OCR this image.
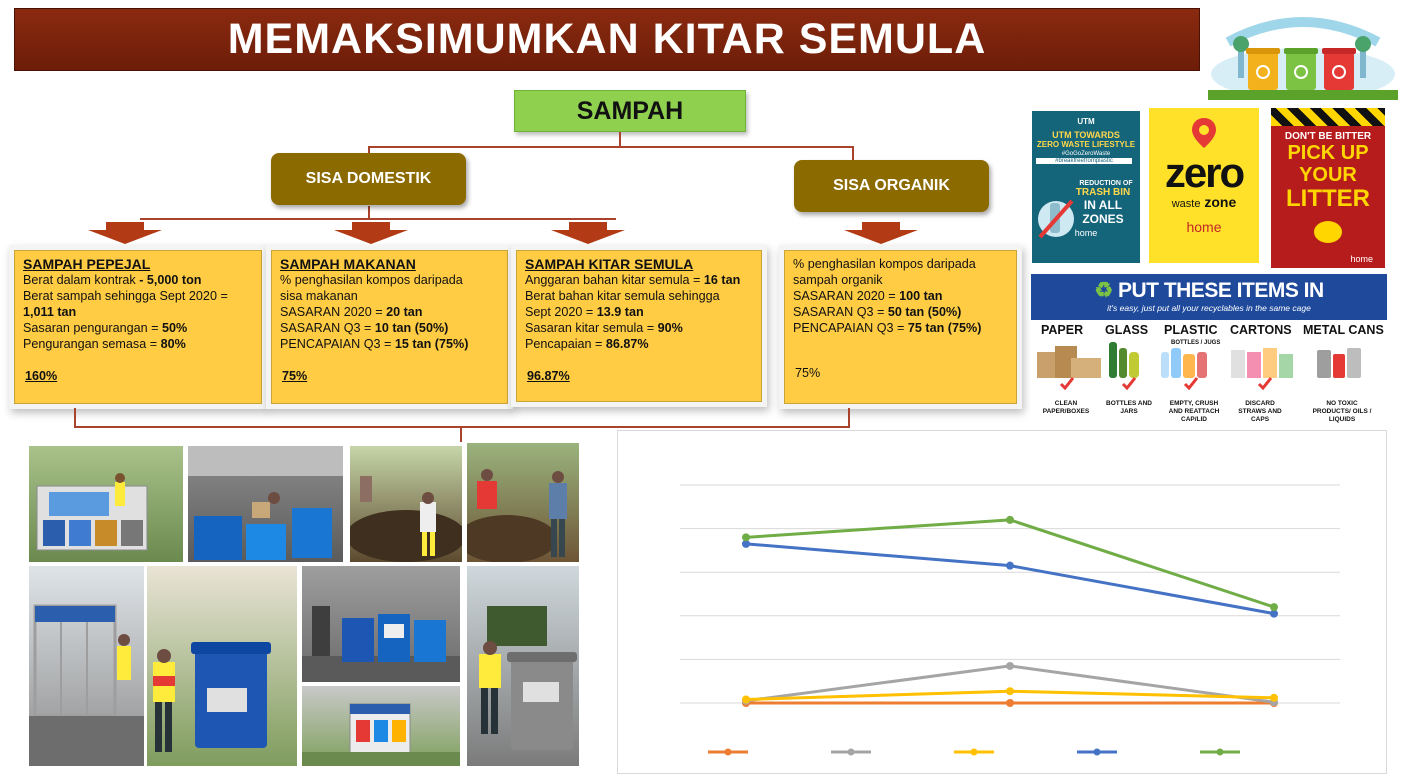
MEMAKSIMUMKAN KITAR SEMULA
SAMPAH
SISA DOMESTIK	SISA ORGANIK
SAMPAH PEPEJAL
Berat dalam kontrak - 5,000 ton
Berat sampah sehingga Sept 2020 =
1,011 tan
Sasaran pengurangan = 50%
Pengurangan semasa = 80%
160%
SAMPAH MAKANAN
% penghasilan kompos daripada
sisa makanan
SASARAN 2020 = 20 tan
SASARAN Q3 = 10 tan (50%)
PENCAPAIAN Q3 = 15 tan (75%)
75%
SAMPAH KITAR SEMULA
Anggaran bahan kitar semula = 16 tan
Berat bahan kitar semula sehingga
Sept 2020 = 13.9 tan
Sasaran kitar semula = 90%
Pencapaian = 86.87%
96.87%
% penghasilan kompos daripada
sampah organik
SASARAN 2020 = 100 tan
SASARAN Q3 = 50 tan (50%)
PENCAPAIAN Q3 = 75 tan (75%)
75%
UTM
UTM TOWARDS
ZERO WASTE LIFESTYLE
#GoGoZeroWaste
#breakfreefromplastic
REDUCTION OF
TRASH BIN
IN ALL
ZONES
home
zero
waste zone
home
DON'T BE BITTER
PICK UP
YOUR
LITTER
home
♻ PUT THESE ITEMS IN
it's easy, just put all your recyclables in the same cage
PAPER GLASS PLASTIC CARTONS METAL CANS
BOTTLES / JUGS
CLEAN PAPER/BOXES
BOTTLES AND JARS
EMPTY, CRUSH AND REATTACH CAP/LID
DISCARD STRAWS AND CAPS
NO TOXIC PRODUCTS/ OILS / LIQUIDS
